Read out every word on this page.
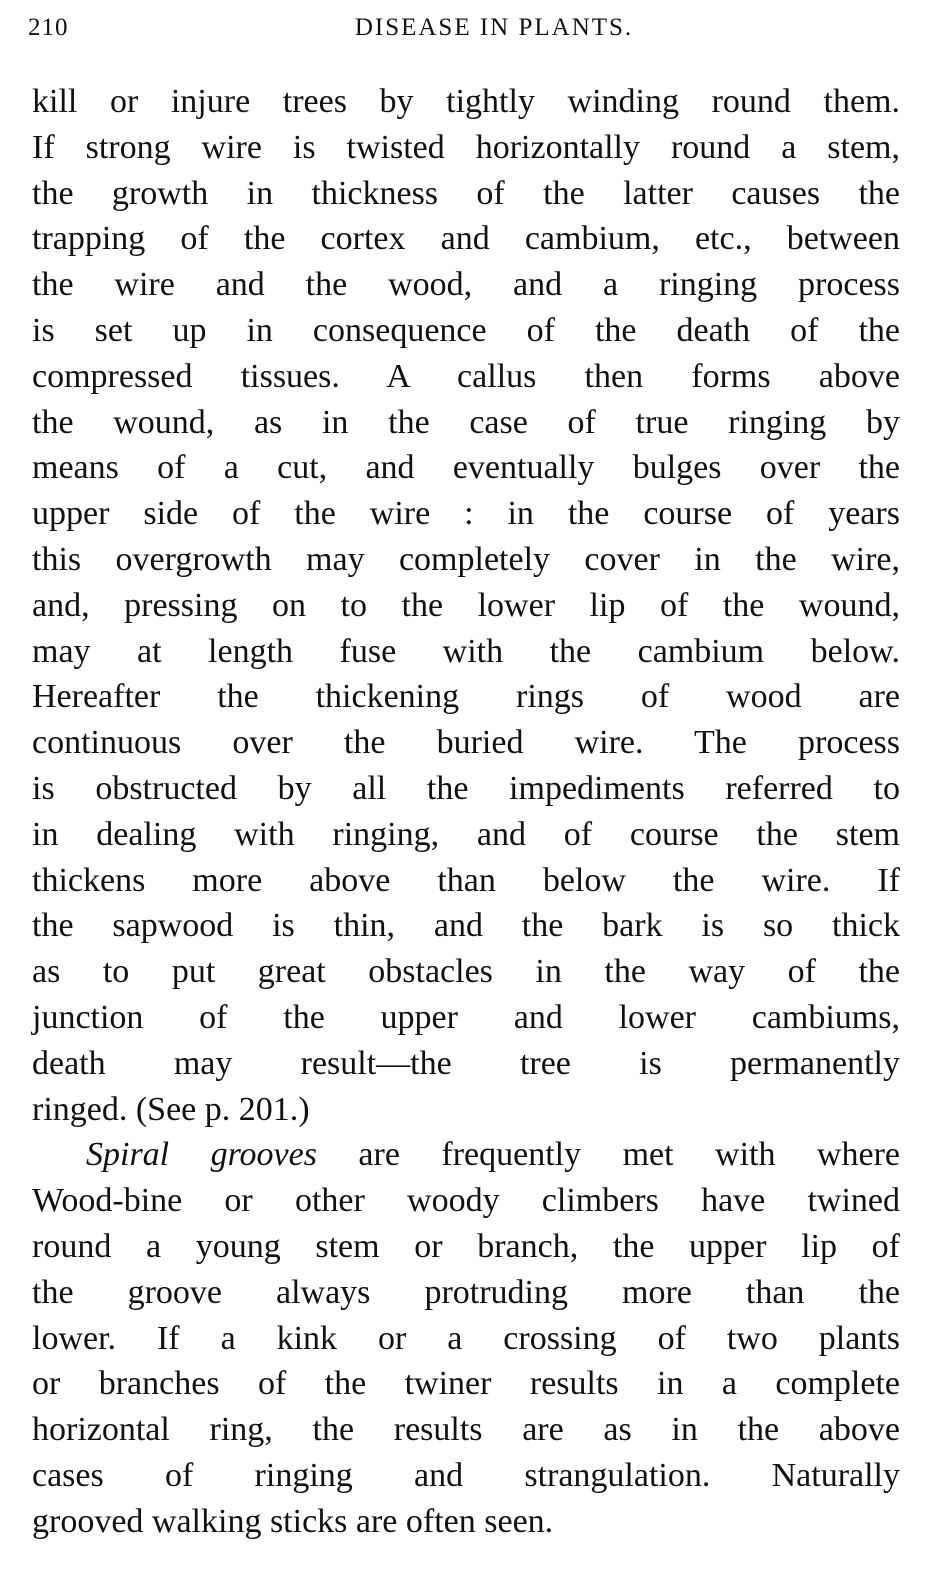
210	DISEASE IN PLANTS.
kill or injure trees by tightly winding round them.
If strong wire is twisted horizontally round a stem,
the growth in thickness of the latter causes the
trapping of the cortex and cambium, etc., between
the wire and the wood, and a ringing process
is set up in consequence of the death of the
compressed tissues. A callus then forms above
the wound, as in the case of true ringing by
means of a cut, and eventually bulges over the
upper side of the wire : in the course of years
this overgrowth may completely cover in the wire,
and, pressing on to the lower lip of the wound,
may at length fuse with the cambium below.
Hereafter the thickening rings of wood are
continuous over the buried wire. The process
is obstructed by all the impediments referred to
in dealing with ringing, and of course the stem
thickens more above than below the wire. If
the sapwood is thin, and the bark is so thick
as to put great obstacles in the way of the
junction of the upper and lower cambiums,
death may result—the tree is permanently
ringed. (See p. 201.)
Spiral grooves are frequently met with where
Wood-bine or other woody climbers have twined
round a young stem or branch, the upper lip of
the groove always protruding more than the
lower. If a kink or a crossing of two plants
or branches of the twiner results in a complete
horizontal ring, the results are as in the above
cases of ringing and strangulation. Naturally
grooved walking sticks are often seen.
